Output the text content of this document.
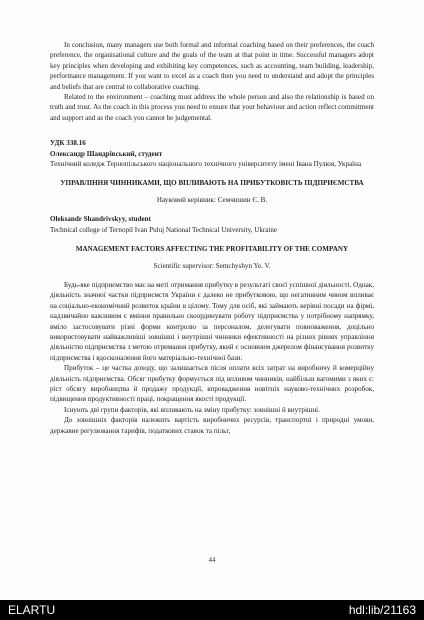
In conclusion, many managers use both formal and informal coaching based on their preferences, the coach preference, the organisational culture and the goals of the team at that point in time. Successful managers adopt key principles when developing and exhibiting key competences, such as accounting, team building, leadership, performance management. If you want to excel as a coach then you need to understand and adopt the principles and beliefs that are central to collaborative coaching.

Related to the environment – coaching must address the whole person and also the relationship is based on truth and trust. As the coach in this process you need to ensure that your behaviour and action reflect commitment and support and as the coach you cannot be judgemental.

УДК 338.16

Олександр Шандрівський, студент

Технічний коледж Тернопільського національного технічного університету імені Івана Пулюя, Україна

УПРАВЛІННЯ ЧИННИКАМИ, ЩО ВПЛИВАЮТЬ НА ПРИБУТКОВІСТЬ ПІДПРИЄМСТВА

Науковий керівник: Семчишин Є. В.

Oleksandr Shandrivskyy, student

Technical college of Ternopil Ivan Puluj National Technical University, Ukraine

MANAGEMENT FACTORS AFFECTING THE PROFITABILITY OF THE COMPANY

Scientific supervisor: Semchyshyn Ye. V.

Будь-яке підприємство має на меті отримання прибутку в результаті своєї успішної діяльності. Однак, діяльність значної частки підприємств України є далеко не прибутковою, що негативним чином впливає на соціально-економічний розвиток країни в цілому. Тому для осіб, які займають керівні посади на фірмі, надзвичайно важливим є вміння правильно скоординувати роботу підприємства у потрібному напрямку, вміло застосовувати різні форми контролю за персоналом, делегувати повноваження, доцільно використовувати найважливіші зовнішні і внутрішні чинники ефективності на різних рівнях управління діяльністю підприємства з метою отримання прибутку, який є основним джерелом фінансування розвитку підприємства і вдосконалення його матеріально-технічної бази.

Прибуток – це частка доходу, що залишається після оплати всіх затрат на виробничу й комерційну діяльність підприємства. Обсяг прибутку формується під впливом чинників, найбільш вагомими з яких є: ріст обсягу виробництва й продажу продукції, впровадження новітніх науково-технічних розробок, підвищення продуктивності праці, покращення якості продукції.

Існують дві групи факторів, які впливають на зміну прибутку: зовнішні й внутрішні.

До зовнішніх факторів належить вартість виробничих ресурсів, транспортні і природні умови, державне регулювання тарифів, податкових ставок та пільг,

44
ELARTU	hdl:lib/21163
